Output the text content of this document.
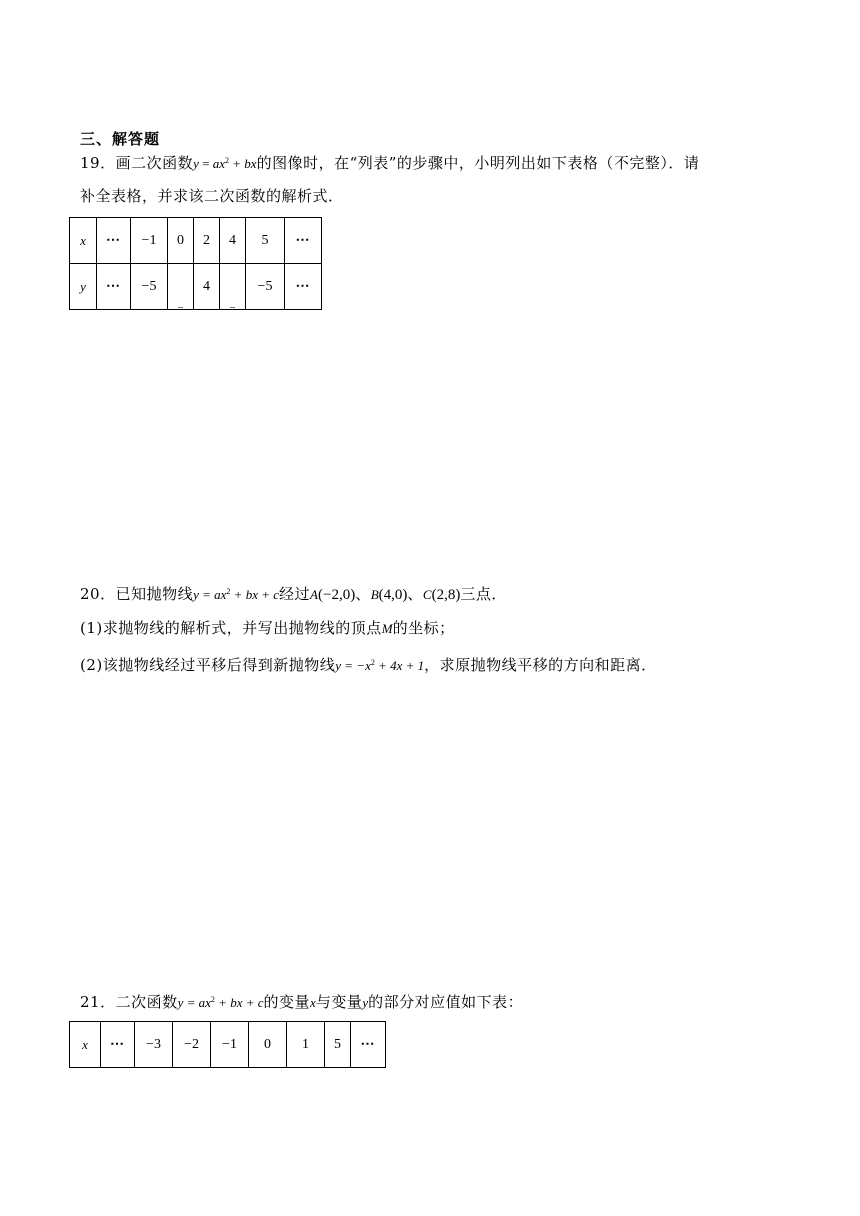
三、解答题
19．画二次函数$y = ax^2$ + bx的图像时，在“列表”的步骤中，小明列出如下表格（不完整）．请
补全表格，并求该二次函数的解析式．
x	⋯	−1	0	2	4	5	⋯
y	⋯	−5	_	4	_	−5	⋯
20．已知抛物线$y = ax^2$ + bx + c经过A(−2,0)、B(4,0)、C(2,8)三点．
(1)求抛物线的解析式，并写出抛物线的顶点M的坐标；
(2)该抛物线经过平移后得到新抛物线$y = -x^2 + 4x + 1$，求原抛物线平移的方向和距离．
21．二次函数$y = ax^2$ + bx + c的变量x与变量y的部分对应值如下表：
x	⋯	−3	−2	−1	0	1	5	⋯
